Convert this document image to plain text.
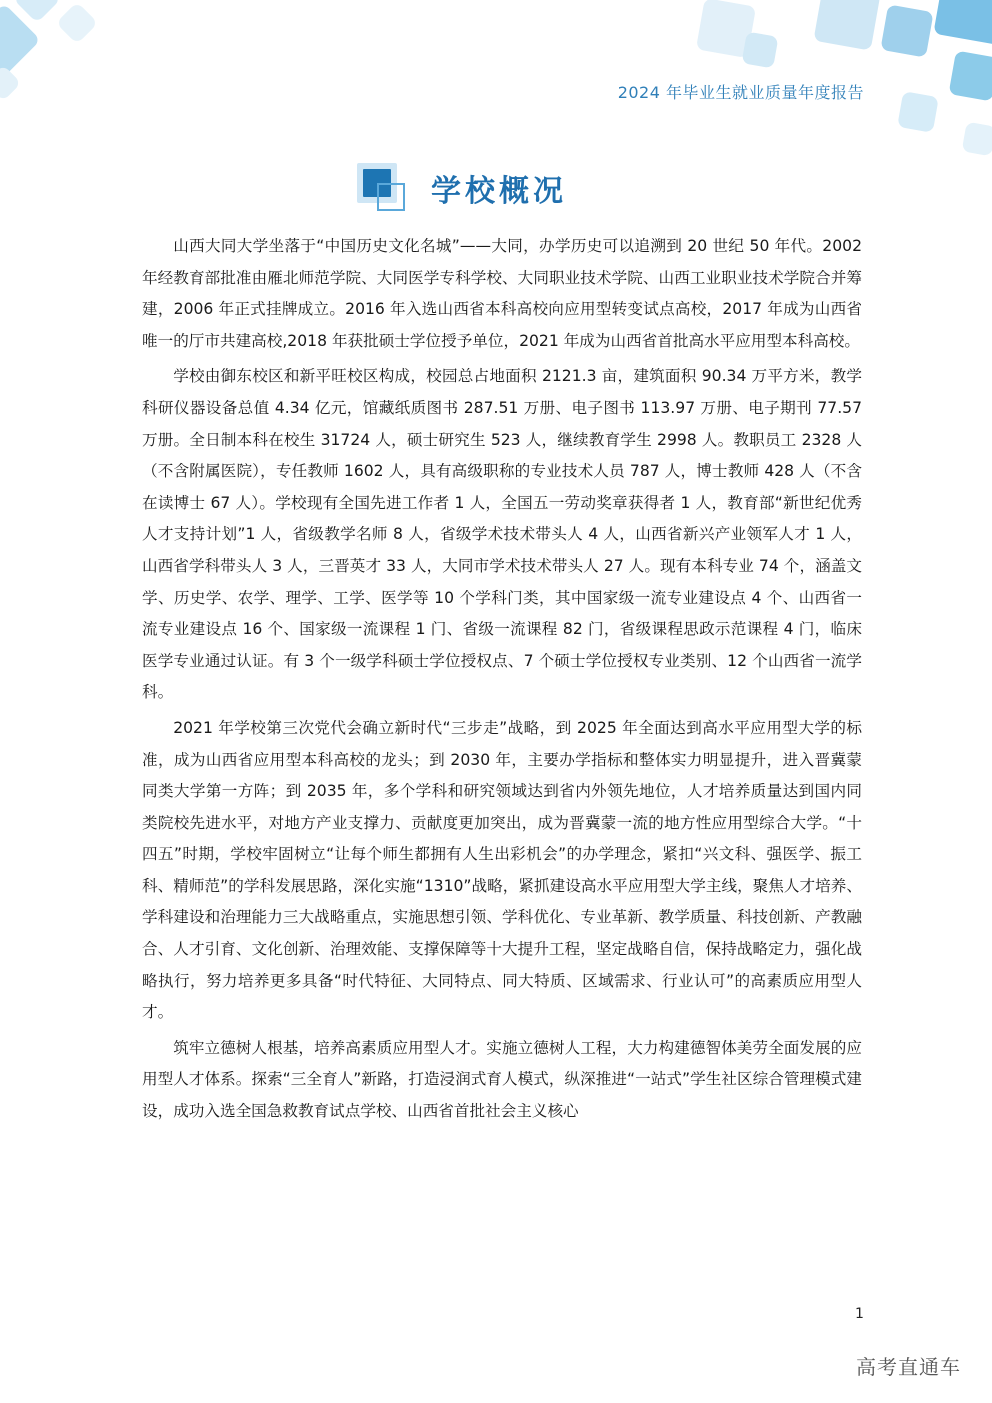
2024 年毕业生就业质量年度报告
学校概况

山西大同大学坐落于“中国历史文化名城”——大同，办学历史可以追溯到 20 世纪 50 年代。2002 年经教育部批准由雁北师范学院、大同医学专科学校、大同职业技术学院、山西工业职业技术学院合并筹建，2006 年正式挂牌成立。2016 年入选山西省本科高校向应用型转变试点高校，2017 年成为山西省唯一的厅市共建高校,2018 年获批硕士学位授予单位，2021 年成为山西省首批高水平应用型本科高校。

学校由御东校区和新平旺校区构成，校园总占地面积 2121.3 亩，建筑面积 90.34 万平方米，教学科研仪器设备总值 4.34 亿元，馆藏纸质图书 287.51 万册、电子图书 113.97 万册、电子期刊 77.57 万册。全日制本科在校生 31724 人，硕士研究生 523 人，继续教育学生 2998 人。教职员工 2328 人（不含附属医院），专任教师 1602 人，具有高级职称的专业技术人员 787 人，博士教师 428 人（不含在读博士 67 人）。学校现有全国先进工作者 1 人，全国五一劳动奖章获得者 1 人，教育部“新世纪优秀人才支持计划”1 人，省级教学名师 8 人，省级学术技术带头人 4 人，山西省新兴产业领军人才 1 人，山西省学科带头人 3 人，三晋英才 33 人，大同市学术技术带头人 27 人。现有本科专业 74 个，涵盖文学、历史学、农学、理学、工学、医学等 10 个学科门类，其中国家级一流专业建设点 4 个、山西省一流专业建设点 16 个、国家级一流课程 1 门、省级一流课程 82 门，省级课程思政示范课程 4 门，临床医学专业通过认证。有 3 个一级学科硕士学位授权点、7 个硕士学位授权专业类别、12 个山西省一流学科。

2021 年学校第三次党代会确立新时代“三步走”战略，到 2025 年全面达到高水平应用型大学的标准，成为山西省应用型本科高校的龙头；到 2030 年，主要办学指标和整体实力明显提升，进入晋冀蒙同类大学第一方阵；到 2035 年，多个学科和研究领域达到省内外领先地位，人才培养质量达到国内同类院校先进水平，对地方产业支撑力、贡献度更加突出，成为晋冀蒙一流的地方性应用型综合大学。“十四五”时期，学校牢固树立“让每个师生都拥有人生出彩机会”的办学理念，紧扣“兴文科、强医学、振工科、精师范”的学科发展思路，深化实施“1310”战略，紧抓建设高水平应用型大学主线，聚焦人才培养、学科建设和治理能力三大战略重点，实施思想引领、学科优化、专业革新、教学质量、科技创新、产教融合、人才引育、文化创新、治理效能、支撑保障等十大提升工程，坚定战略自信，保持战略定力，强化战略执行，努力培养更多具备“时代特征、大同特点、同大特质、区域需求、行业认可”的高素质应用型人才。

筑牢立德树人根基，培养高素质应用型人才。实施立德树人工程，大力构建德智体美劳全面发展的应用型人才体系。探索“三全育人”新路，打造浸润式育人模式，纵深推进“一站式”学生社区综合管理模式建设，成功入选全国急救教育试点学校、山西省首批社会主义核心

1
高考直通车
